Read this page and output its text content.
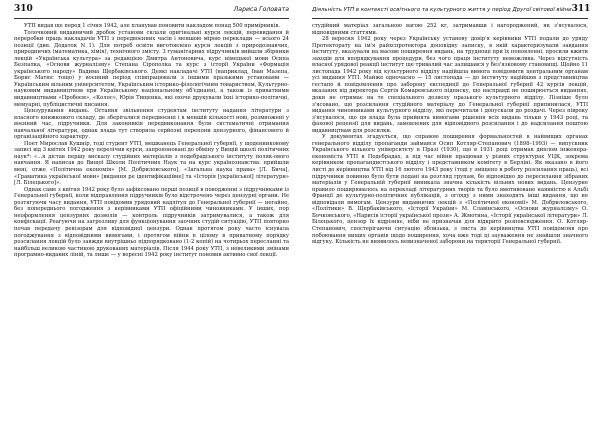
310	Лариса Головата

УТП видав ще перед 1 січня 1942, але планував поновити накладом понад 500 примірників.

Толочковий видавничий дробок установи склали оригінальні курси лекцій, перевидання й переробки праць накладачів УТП з передвоєнних часів і меншою мірою переклади — всього 24 позиції (див. Додаток N 1). Для потреб освіти виготовлено курси лекцій з природознавчих, природничих (математика, хімія), технічного змісту. З гуманітарних підручників вийшли збірники лекцій «Українська культура» за редакцією Дмитра Антоновича, курс німецької мови Осипа Безпалка, «Основи журналізму» Степана Сірополка та курс з історії України «Формація українського народу» Вадима Щербаківського. Деякі накладачі УТП (наприклад, Іван Мазепа, Борис Матюс тощо) у воєнний період співпрацювали з іншими празькими установами — Українським вільним університетом, Українським історико-філологічним товариством, Культурно-науковим видавництвом при Українському національному об'єднанні, а також із приватними видавництвами «Пробоєм», «Колос», Юрія Тищенка, які охоче друкували їхні історико-політичні, мемуарні, публіцистичні писання.

Цензурування видань. Остання звільнення студентам інституту надання літератури з власного книжкового складу, де зберігалися передвоєнні і в меншій кількості нові, розмножені у воєнний час, підручники. Для законників передвиконання були систематичні отримання навчальної літератури, однак влада тут створила серйозні перепони цензурного, фінансового й організаційного характеру.

Поет Мирослав Кушнір, тоді студент УТП, мешканець Генеральної губернії, у щоденниковому записі від 3 квітня 1942 року перелічив курси, запропоновані до обміну у Вищій школі політичних наук*: «...я дістав першу вискалу студійних матеріалів з подебрадського інституту поляк-ового навчання. Я написав до Вищої Школи Політичних Наук та на курс українознавства: прийшли мені, отже «Політична економія» [М. Добриловського], «Загальна наука права» [Л. Бича], «Граматика української мови» [видання ре ідентифікаційне] та «Історія [української] літератури» [Л. Білецького]».

Однак саме з квітня 1942 року було зафіксовано перші позиції в поводженні з підручниками із Генеральної губернії, коли відправлення підручників було відстрочено через цензурні органи. Не розтягуючи часу видання, УТП повідомив урядовий надлітуп до Генеральної губернії — негайно, без попереднього погодження з керівниками УТП офіційними чиновниками. У інших, пор неоформлення цензурних дозволів — контроль підручників затримувалися, а також для конфіскації. Реагуючи на загрозливу для функціонування заочних студій ситуацію, УТП повторно почав передачу ревізорам для відповідної цензури. Однак протягом року часто існувала погоджування з відповідними вимогами, і протягом війни в цілому в приватному порядку розсилання лекцій було завжди внутрішньо підпорядковано (1-2 копій) на чотирьох пересланні та найбільш великою частиною друкованих матеріалів. Після 1944 року УТП, з невеликими змінами програмно-виданих ліній, та лише — у вересні 1942 року інститут поновив активно свої лекції.

Діяльність УТП в контексті освітнього та культурного життя у період Другої світової війни 311

студійний матеріал загальною вагою 252 кг, затримавши і нагороджений, як з'ясувалося, відповідними статтями.

28 вересня 1942 року через Українську установу довір'я керівники УТП подали до уряду Протекторату на ім'я райхспротектора доповідну записку, в якій характеризували завдання інституту, вказували на масове поширення видань, на труднощі при їх поновленні, просили вжити заходів для впорядкування процедури, без чого праця інституту неможлива. Через відсутність власної урядової реакції інститут ще тривалий час залишався у без'язковому становищі. Щойно 11 листопада 1942 року від культурного відділу надійшла вимога повідомити центральним органам усі видання УТП. Майже одночасно — 15 листопада — до інституту надійшов з представництва гестапо й повідомлення про заборону експедиції до Генеральної губернії 42 курсів лекцій, вказаних від директора Сергія Комаревського підписку, що насправді не поширюється виданнях, доки не отримає на те спеціального дозволу празького культурного відділу. Пізніше було з'ясовано, що розсилання студійного матеріалу до Генеральної губернії припинилася, УТП видання чиновниками культурного відділу, які перечитали і допускали до роздачі. Через півроку з'ясувалося, що ця влада була прийнята вимогами рішення всіх видань тільки у 1943 році, та фахової рецензії для видань, замовлених для відповідного розсилання і до надсилання поштою видавництвам для розсилки.

У документах згадується, що справою поширення формальностей в найвищих органах генерального відділу пропаганди займався Осип Котляр-Степанович (1898–1993) — випускник Українського вільного університету в Празі (1930), що в 1931 році отримав диплом інженера-економіста УТП в Подєбрадах, а під час війни працював у різних структурах УЦК, зокрема керівником пропагандистського відділу і представником комітету в Берліні. Як вказано в його листі до керівництва УТП від 16 лютого 1943 року (тоді у зміщено в роботу розсилання праць), всі підручники повинно було бути подані на розгляд групам, бо відповідно до пересилання зібраних матеріалів у Генеральній губернії виникала значна кількість вільних нових видань. Цензурне правило поширювалось на перекладі літературних творів та було вмотивоване наявністю в Альбі Франції до культурно-політичних публікацій, з огляду з ними знаходять інші видання, що не відповідали вимогам. Цензури видавничих лекцій з «Політичної економії» М. Добриловського, «Політики» В. Щербаківського, «Історії України» М. Славінського, «Основи журналізму» О. Бочковського, «Нарисів історії української прози» А. Жмотина, «Історії української літератури» Л. Білецького, цензор їх відрізняє, ніби не призначав для відкрито розповсюдження. О. Котляр-Степанович, спостерігаючи ситуацію зблизька, з листа до керівництва УТП повідомляв про побоювання вищих органів щодо поширення, хоча вже тоді ці зауваження не знайшли значного відгуку. Кількість не виявилось невизначеної заборони на території Генеральної губернії.
